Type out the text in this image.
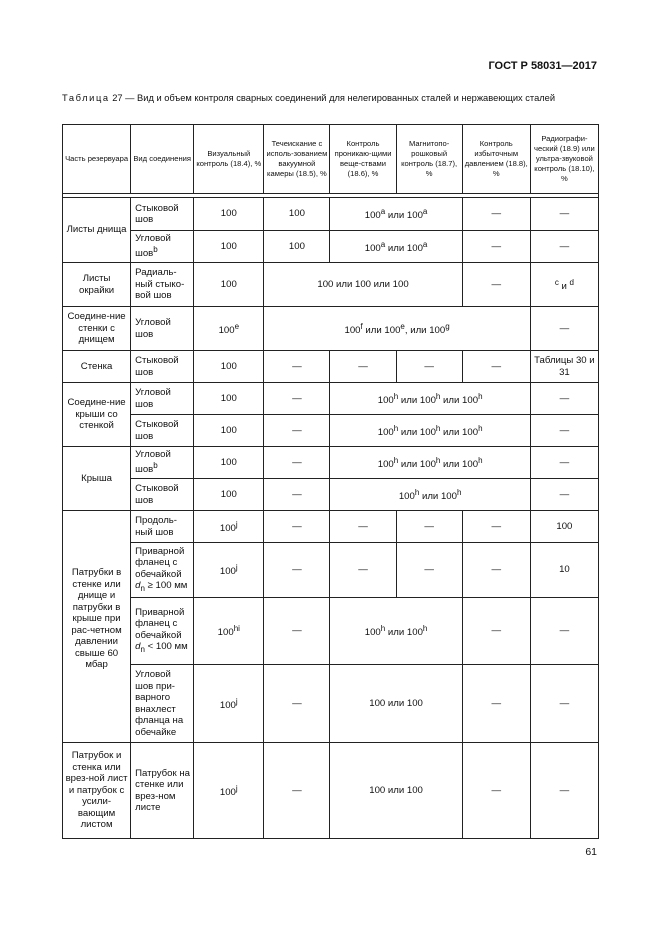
ГОСТ Р 58031—2017
Таблица 27 — Вид и объем контроля сварных соединений для нелегированных сталей и нержавеющих сталей
Часть резервуара	Вид соединения	Визуальный контроль (18.4), %	Течеискание с исполь-зованием вакуумной камеры (18.5), %	Контроль проникаю-щими веще-ствами (18.6), %	Магнитопо-рошковый контроль (18.7), %	Контроль избыточным давлением (18.8), %	Радиографи-ческий (18.9) или ультра-звуковой контроль (18.10), %

Листы днища	Стыковой шов	100	100	100$^a$ или 100$^a$		—	—
	Угловой шов$^b$	100	100	100$^a$ или 100$^a$		—	—
Листы окрайки	Радиаль-ный стыко-вой шов	100	100 или 100 или 100			—	$^c$ и $^d$
Соедине-ние стенки с днищем	Угловой шов	100e	100$^f$ или 100e, или 100$^g$				—
Стенка	Стыковой шов	100	—	—	—	—	Таблицы 30 и 31
Соедине-ние крыши со стенкой	Угловой шов	100	—	100$^h$ или 100$^h$ или 100$^h$			—
	Стыковой шов	100	—	100$^h$ или 100$^h$ или 100$^h$			—
Крыша	Угловой шов$^b$	100	—	100$^h$ или 100$^h$ или 100$^h$			—
	Стыковой шов	100	—	100$^h$ или 100$^h$			—
Патрубки в стенке или днище и патрубки в крыше при рас-четном давлении свыше 60 мбар	Продоль-ный шов	100$^j$	—	—	—	—	100
	Приварной фланец с обечайкой $d_n \ge 100$ мм	100$^j$	—	—	—	—	10
	Приварной фланец с обечайкой $d_n < 100$ мм	$100^{hi}$	—	100$^h$ или 100$^h$		—	—
	Угловой шов при-варного внахлест фланца на обечайке	100$^j$	—	100 или 100		—	—
Патрубок и стенка или врез-ной лист и патрубок с усили-вающим листом	Патрубок на стенке или врез-ном листе	100$^j$	—	100 или 100		—	—
61
